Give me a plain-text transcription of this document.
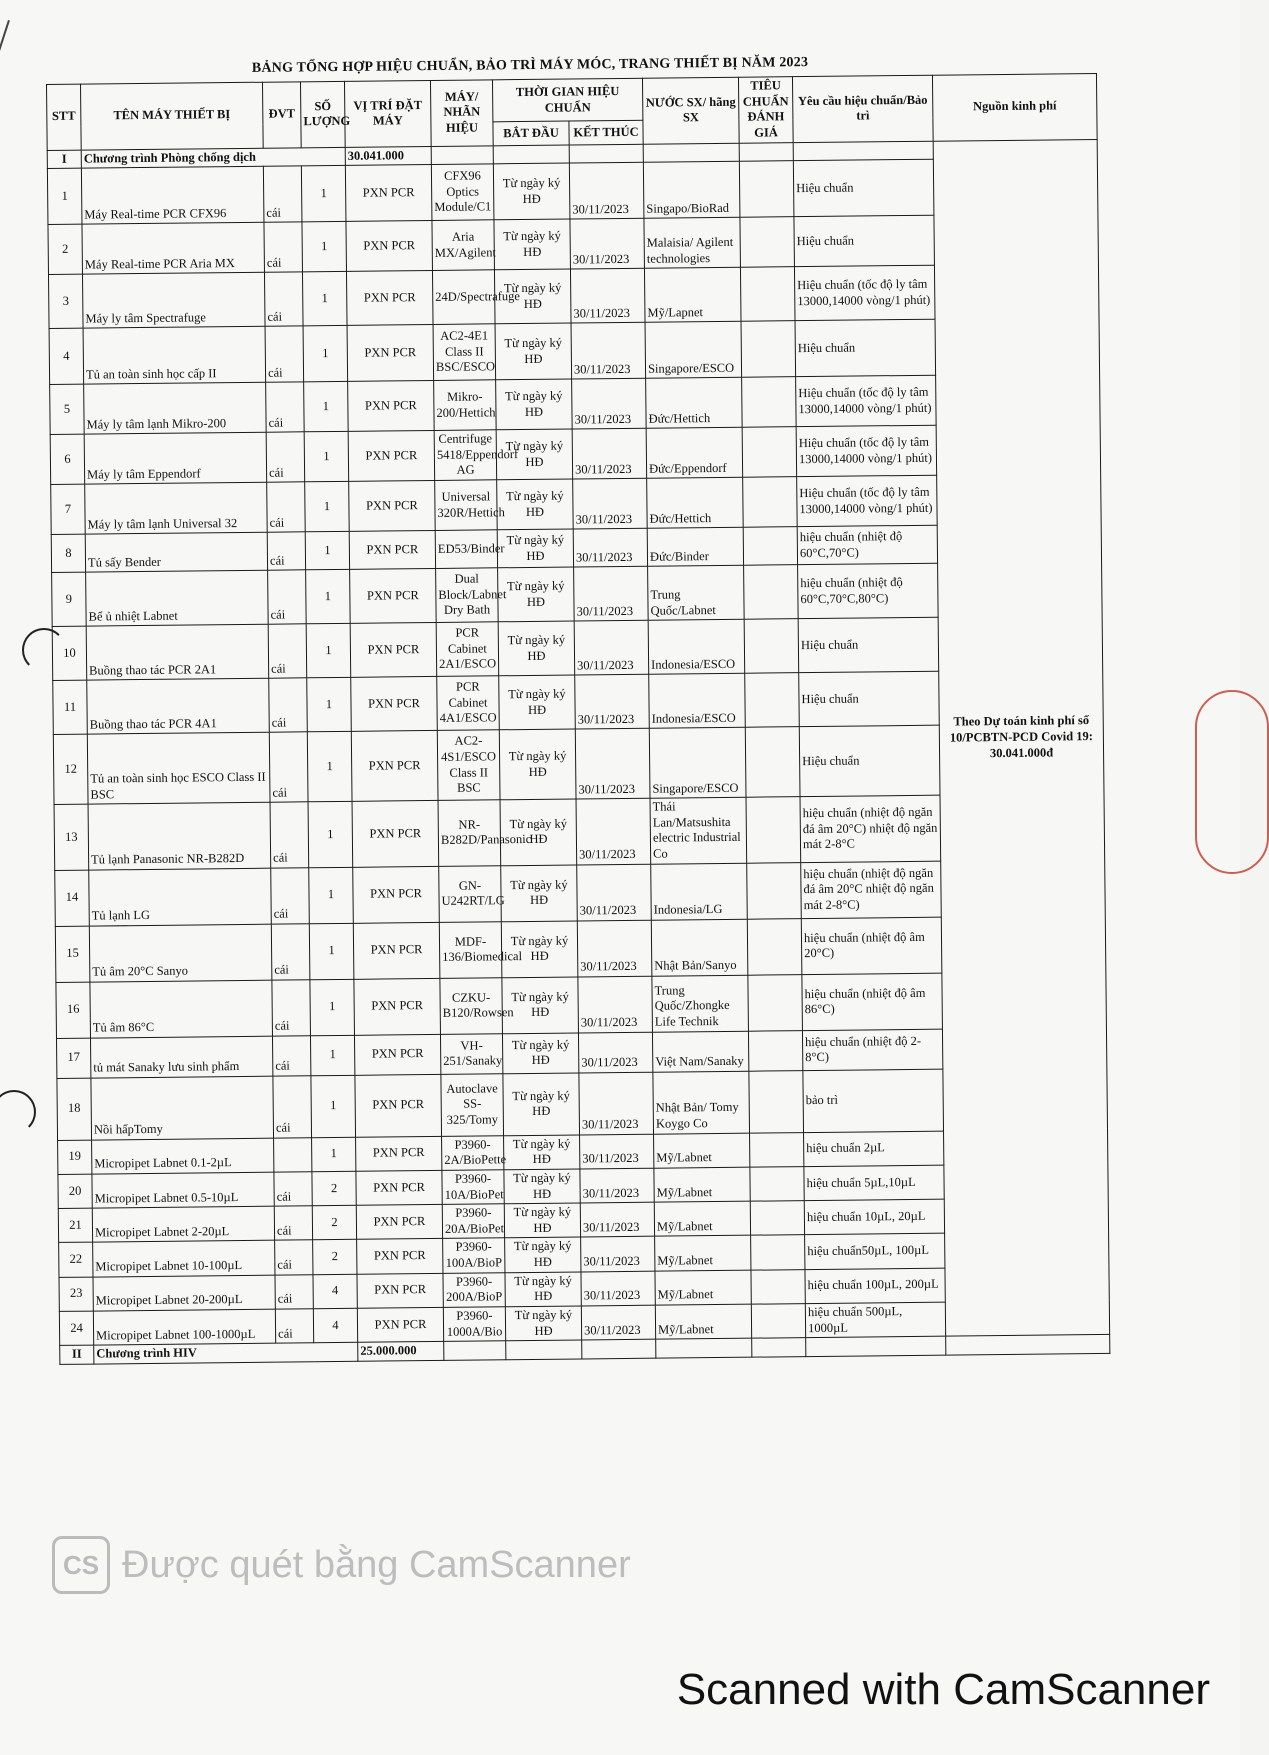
BẢNG TỔNG HỢP HIỆU CHUẨN, BẢO TRÌ MÁY MÓC, TRANG THIẾT BỊ NĂM 2023
STT	TÊN MÁY THIẾT BỊ	ĐVT	SỐ LƯỢNG	VỊ TRÍ ĐẶT MÁY	MÁY/ NHÃN HIỆU	THỜI GIAN HIỆU CHUẨN		NƯỚC SX/ hãng SX	TIÊU CHUẨN ĐÁNH GIÁ	Yêu cầu hiệu chuẩn/Bảo trì	Nguồn kinh phí
						BẮT ĐẦU	KẾT THÚC				
I	Chương trình Phòng chống dịch			30.041.000							Theo Dự toán kinh phí số 10/PCBTN-PCD Covid 19: 30.041.000đ
1	Máy Real-time PCR CFX96	cái	1	PXN PCR	CFX96 Optics Module/C1	Từ ngày ký HĐ	30/11/2023	Singapo/BioRad		Hiệu chuẩn	
2	Máy Real-time PCR Aria MX	cái	1	PXN PCR	Aria MX/Agilent	Từ ngày ký HĐ	30/11/2023	Malaisia/ Agilent technologies		Hiệu chuẩn	
3	Máy ly tâm Spectrafuge	cái	1	PXN PCR	24D/Spectrafuge	Từ ngày ký HĐ	30/11/2023	Mỹ/Lapnet		Hiệu chuẩn (tốc độ ly tâm 13000,14000 vòng/1 phút)	
4	Tủ an toàn sinh học cấp II	cái	1	PXN PCR	AC2-4E1 Class II BSC/ESCO	Từ ngày ký HĐ	30/11/2023	Singapore/ESCO		Hiệu chuẩn	
5	Máy ly tâm lạnh Mikro-200	cái	1	PXN PCR	Mikro-200/Hettich	Từ ngày ký HĐ	30/11/2023	Đức/Hettich		Hiệu chuẩn (tốc độ ly tâm 13000,14000 vòng/1 phút)	
6	Máy ly tâm Eppendorf	cái	1	PXN PCR	Centrifuge 5418/Eppendorf AG	Từ ngày ký HĐ	30/11/2023	Đức/Eppendorf		Hiệu chuẩn (tốc độ ly tâm 13000,14000 vòng/1 phút)	
7	Máy ly tâm lạnh Universal 32	cái	1	PXN PCR	Universal 320R/Hettich	Từ ngày ký HĐ	30/11/2023	Đức/Hettich		Hiệu chuẩn (tốc độ ly tâm 13000,14000 vòng/1 phút)	
8	Tủ sấy Bender	cái	1	PXN PCR	ED53/Binder	Từ ngày ký HĐ	30/11/2023	Đức/Binder		hiệu chuẩn (nhiệt độ 60°C,70°C)	
9	Bể ủ nhiệt Labnet	cái	1	PXN PCR	Dual Block/Labnet Dry Bath	Từ ngày ký HĐ	30/11/2023	Trung Quốc/Labnet		hiệu chuẩn (nhiệt độ 60°C,70°C,80°C)	
10	Buồng thao tác PCR 2A1	cái	1	PXN PCR	PCR Cabinet 2A1/ESCO	Từ ngày ký HĐ	30/11/2023	Indonesia/ESCO		Hiệu chuẩn	
11	Buồng thao tác PCR 4A1	cái	1	PXN PCR	PCR Cabinet 4A1/ESCO	Từ ngày ký HĐ	30/11/2023	Indonesia/ESCO		Hiệu chuẩn	
12	Tủ an toàn sinh học ESCO Class II BSC	cái	1	PXN PCR	AC2-4S1/ESCO Class II BSC	Từ ngày ký HĐ	30/11/2023	Singapore/ESCO		Hiệu chuẩn	
13	Tủ lạnh Panasonic NR-B282D	cái	1	PXN PCR	NR-B282D/Panasonic	Từ ngày ký HĐ	30/11/2023	Thái Lan/Matsushita electric Industrial Co		hiệu chuẩn (nhiệt độ ngăn đá âm 20°C) nhiệt độ ngăn mát 2-8°C	
14	Tủ lạnh LG	cái	1	PXN PCR	GN-U242RT/LG	Từ ngày ký HĐ	30/11/2023	Indonesia/LG		hiệu chuẩn (nhiệt độ ngăn đá âm 20°C nhiệt độ ngăn mát 2-8°C)	
15	Tủ âm 20°C Sanyo	cái	1	PXN PCR	MDF-136/Biomedical	Từ ngày ký HĐ	30/11/2023	Nhật Bản/Sanyo		hiệu chuẩn (nhiệt độ âm 20°C)	
16	Tủ âm 86°C	cái	1	PXN PCR	CZKU-B120/Rowsen	Từ ngày ký HĐ	30/11/2023	Trung Quốc/Zhongke Life Technik		hiệu chuẩn (nhiệt độ âm 86°C)	
17	tủ mát Sanaky lưu sinh phẩm	cái	1	PXN PCR	VH-251/Sanaky	Từ ngày ký HĐ	30/11/2023	Việt Nam/Sanaky		hiệu chuẩn (nhiệt độ 2-8°C)	
18	Nồi hấpTomy	cái	1	PXN PCR	Autoclave SS-325/Tomy	Từ ngày ký HĐ	30/11/2023	Nhật Bản/ Tomy Koygo Co		bảo trì	
19	Micropipet Labnet 0.1-2µL		1	PXN PCR	P3960-2A/BioPette	Từ ngày ký HĐ	30/11/2023	Mỹ/Labnet		hiệu chuẩn 2µL	
20	Micropipet Labnet 0.5-10µL	cái	2	PXN PCR	P3960-10A/BioPet	Từ ngày ký HĐ	30/11/2023	Mỹ/Labnet		hiệu chuẩn 5µL,10µL	
21	Micropipet Labnet 2-20µL	cái	2	PXN PCR	P3960-20A/BioPet	Từ ngày ký HĐ	30/11/2023	Mỹ/Labnet		hiệu chuẩn 10µL, 20µL	
22	Micropipet Labnet 10-100µL	cái	2	PXN PCR	P3960-100A/BioP	Từ ngày ký HĐ	30/11/2023	Mỹ/Labnet		hiệu chuẩn50µL, 100µL	
23	Micropipet Labnet 20-200µL	cái	4	PXN PCR	P3960-200A/BioP	Từ ngày ký HĐ	30/11/2023	Mỹ/Labnet		hiệu chuẩn 100µL, 200µL	
24	Micropipet Labnet 100-1000µL	cái	4	PXN PCR	P3960-1000A/Bio	Từ ngày ký HĐ	30/11/2023	Mỹ/Labnet		hiệu chuẩn 500µL, 1000µL	
II	Chương trình HIV			25.000.000							
CS Được quét bằng CamScanner
Scanned with CamScanner
